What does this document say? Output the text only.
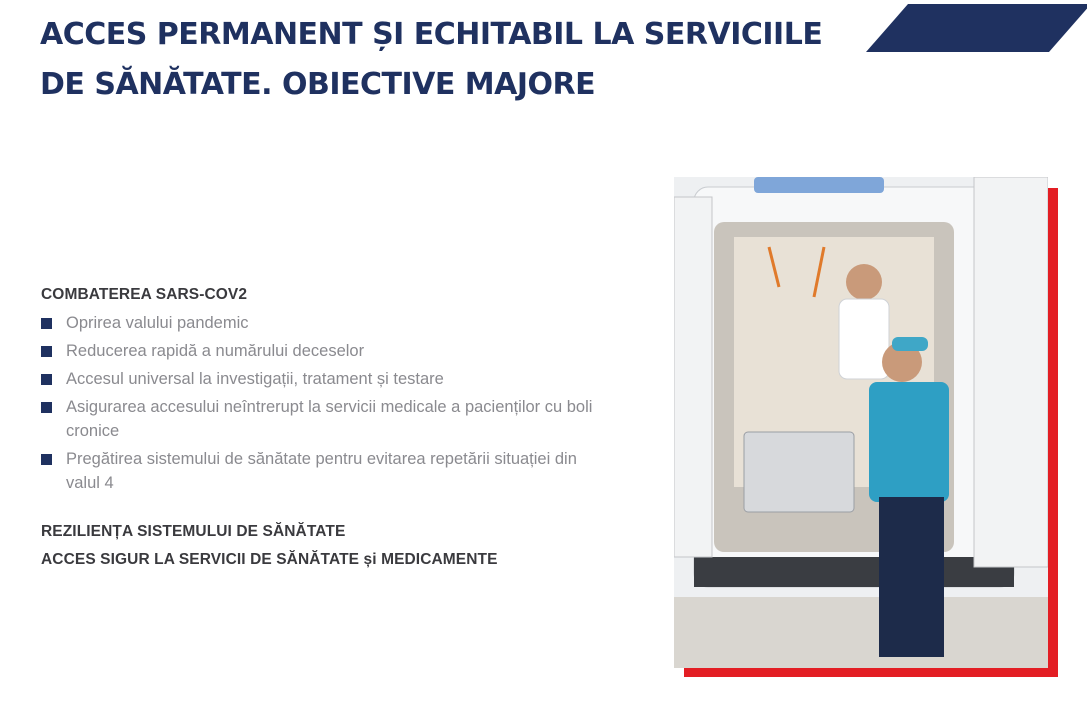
ACCES PERMANENT ȘI ECHITABIL LA SERVICIILE
DE SĂNĂTATE. OBIECTIVE MAJORE

COMBATEREA SARS-COV2

Oprirea valului pandemic
Reducerea rapidă a numărului deceselor
Accesul universal la investigații, tratament și testare
Asigurarea accesului neîntrerupt la servicii medicale a pacienților cu boli cronice
Pregătirea sistemului de sănătate pentru evitarea repetării situației din valul 4

REZILIENȚA SISTEMULUI DE SĂNĂTATE

ACCES SIGUR LA SERVICII DE SĂNĂTATE și MEDICAMENTE
